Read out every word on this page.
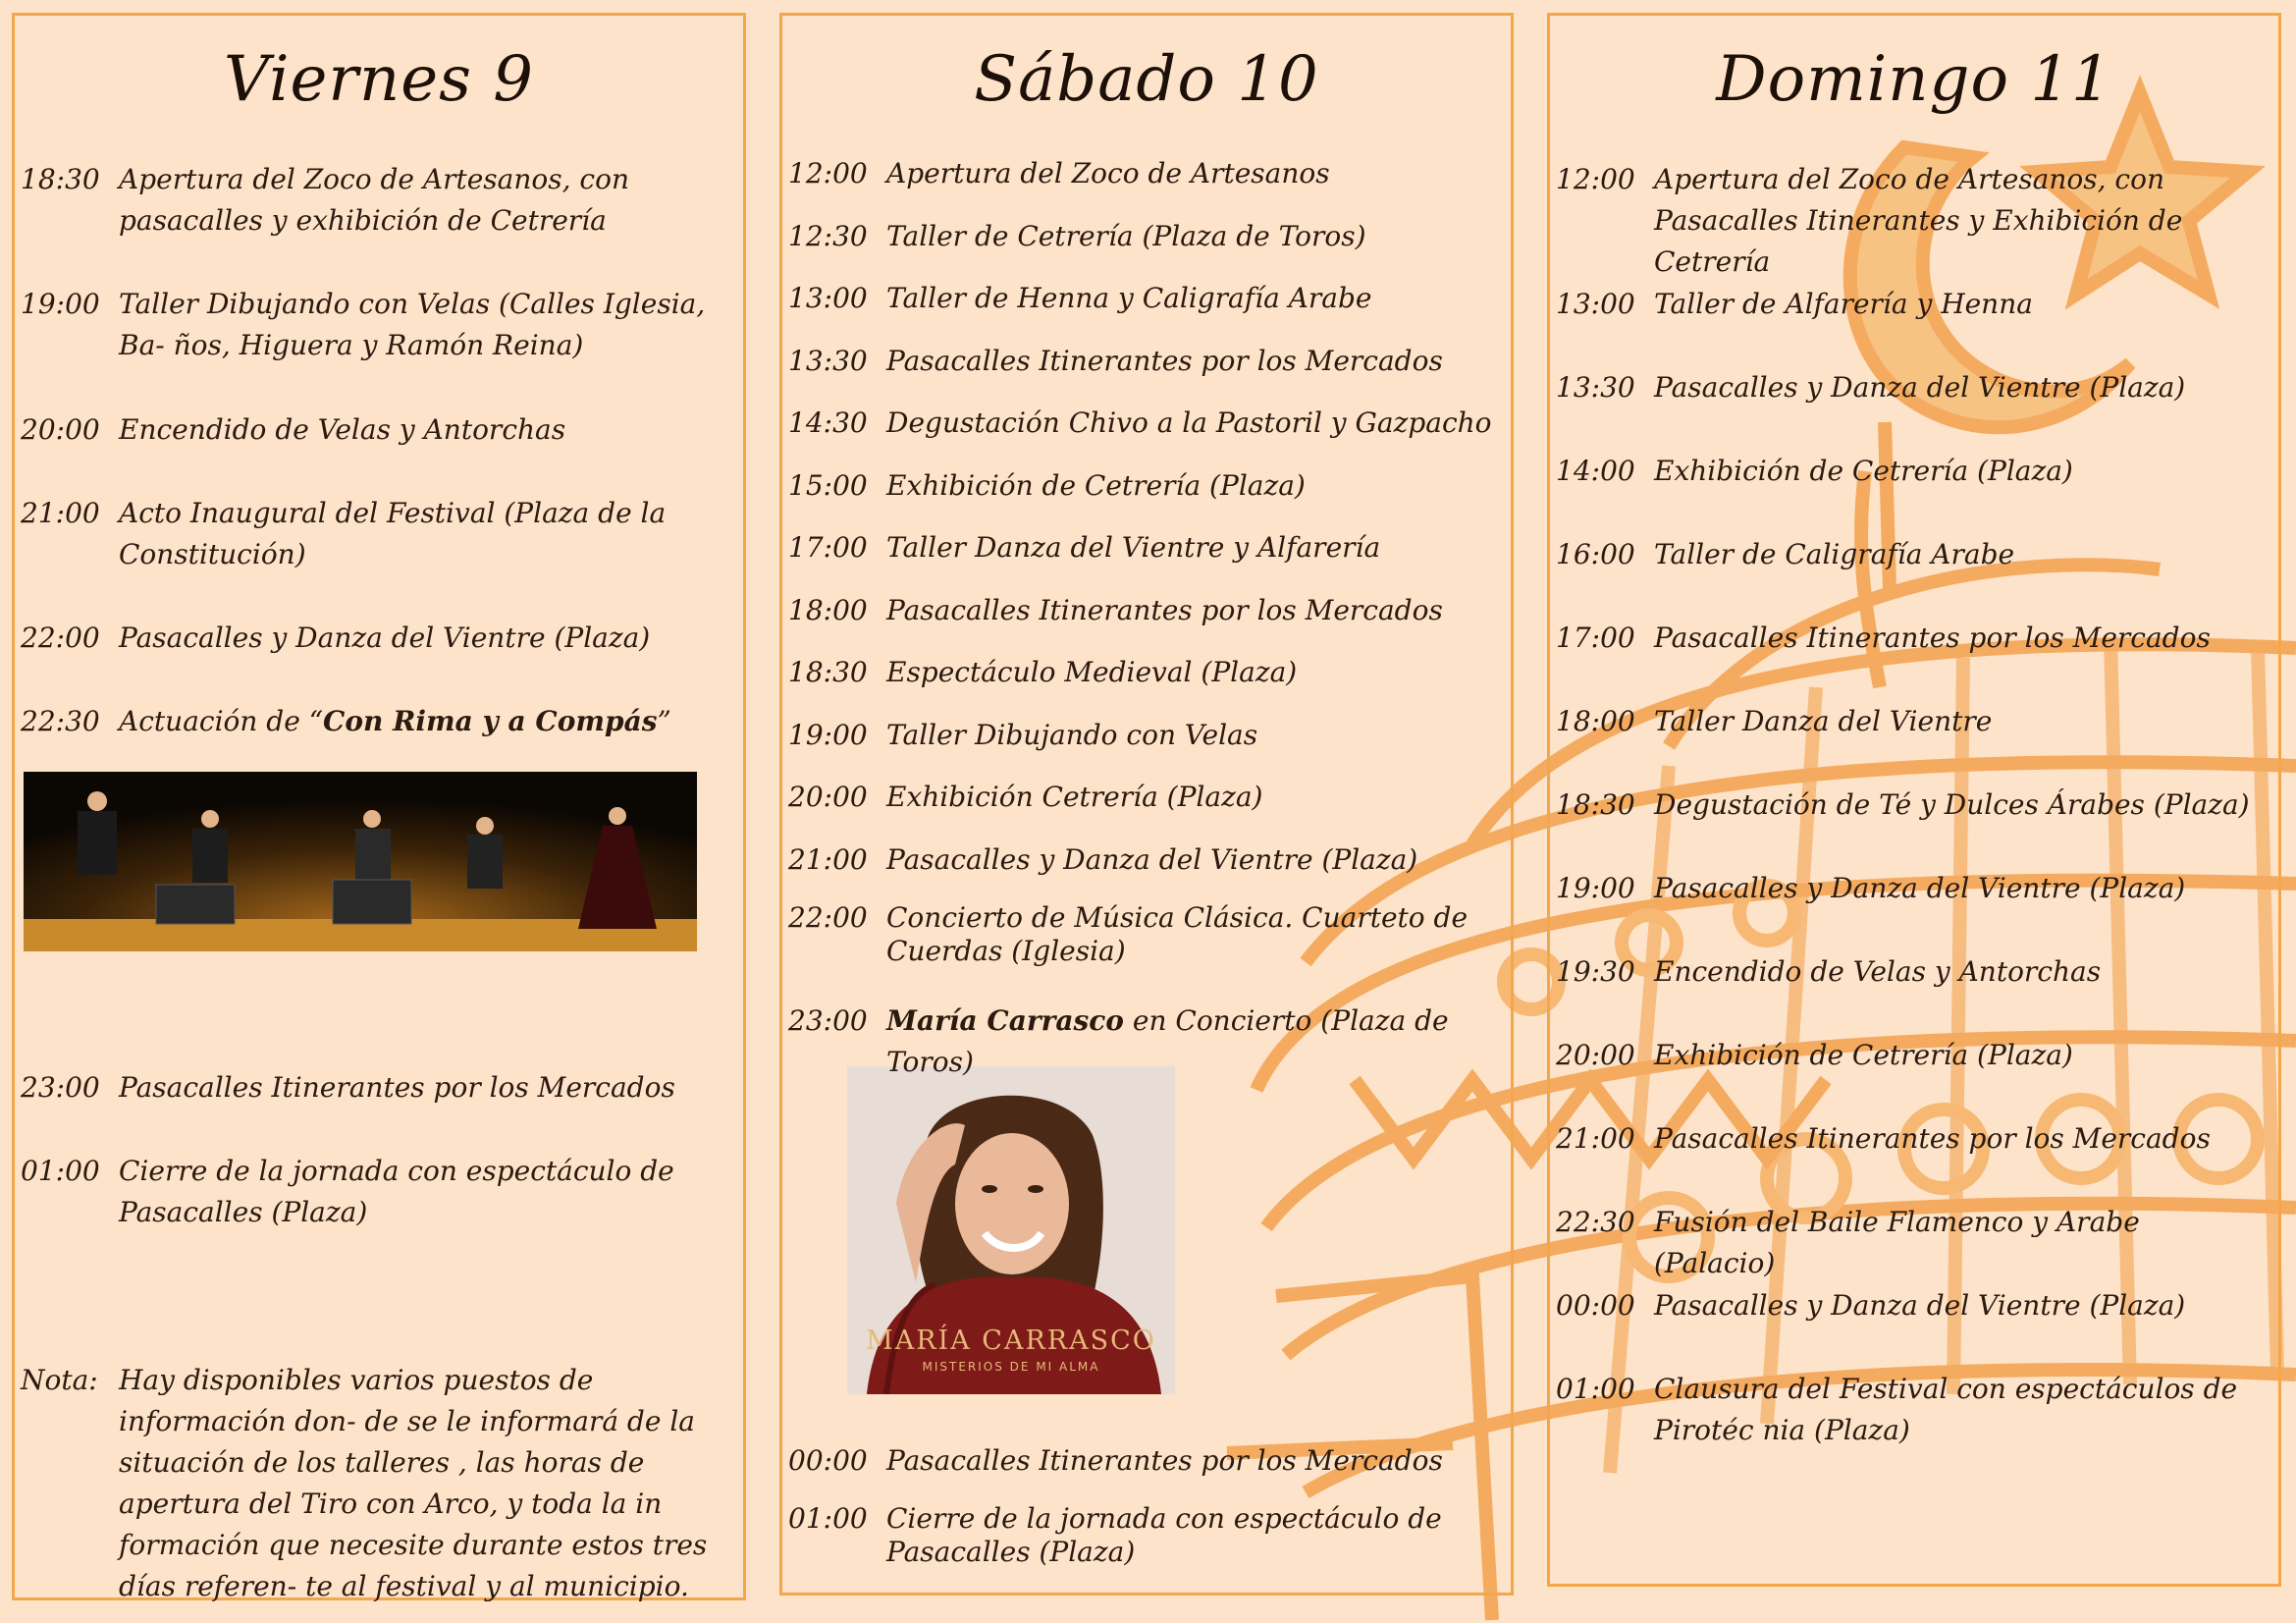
Viernes 9
18:30 Apertura del Zoco de Artesanos, con pasacalles y exhibición de Cetrería
19:00 Taller Dibujando con Velas (Calles Iglesia, Ba- ños, Higuera y Ramón Reina)
20:00 Encendido de Velas y Antorchas
21:00 Acto Inaugural del Festival (Plaza de la Constitución)
22:00 Pasacalles y Danza del Vientre (Plaza)
22:30 Actuación de “Con Rima y a Compás”
23:00 Pasacalles Itinerantes por los Mercados
01:00 Cierre de la jornada con espectáculo de Pasacalles (Plaza)
Nota: Hay disponibles varios puestos de información don- de se le informará de la situación de los talleres , las horas de apertura del Tiro con Arco, y toda la in formación que necesite durante estos tres días referen- te al festival y al municipio.
Sábado 10
12:00 Apertura del Zoco de Artesanos
12:30 Taller de Cetrería (Plaza de Toros)
13:00 Taller de Henna y Caligrafía Arabe
13:30 Pasacalles Itinerantes por los Mercados
14:30 Degustación Chivo a la Pastoril y Gazpacho
15:00 Exhibición de Cetrería (Plaza)
17:00 Taller Danza del Vientre y Alfarería
18:00 Pasacalles Itinerantes por los Mercados
18:30 Espectáculo Medieval (Plaza)
19:00 Taller Dibujando con Velas
20:00 Exhibición Cetrería (Plaza)
21:00 Pasacalles y Danza del Vientre (Plaza)
22:00 Concierto de Música Clásica. Cuarteto de Cuerdas (Iglesia)
23:00 María Carrasco en Concierto (Plaza de Toros)
00:00 Pasacalles Itinerantes por los Mercados
01:00 Cierre de la jornada con espectáculo de Pasacalles (Plaza)
MARÍA CARRASCO
MISTERIOS DE MI ALMA
Domingo 11
12:00 Apertura del Zoco de Artesanos, con Pasacalles Itinerantes y Exhibición de Cetrería
13:00 Taller de Alfarería y Henna
13:30 Pasacalles y Danza del Vientre (Plaza)
14:00 Exhibición de Cetrería (Plaza)
16:00 Taller de Caligrafía Arabe
17:00 Pasacalles Itinerantes por los Mercados
18:00 Taller Danza del Vientre
18:30 Degustación de Té y Dulces Árabes (Plaza)
19:00 Pasacalles y Danza del Vientre (Plaza)
19:30 Encendido de Velas y Antorchas
20:00 Exhibición de Cetrería (Plaza)
21:00 Pasacalles Itinerantes por los Mercados
22:30 Fusión del Baile Flamenco y Arabe (Palacio)
00:00 Pasacalles y Danza del Vientre (Plaza)
01:00 Clausura del Festival con espectáculos de Pirotéc nia (Plaza)
